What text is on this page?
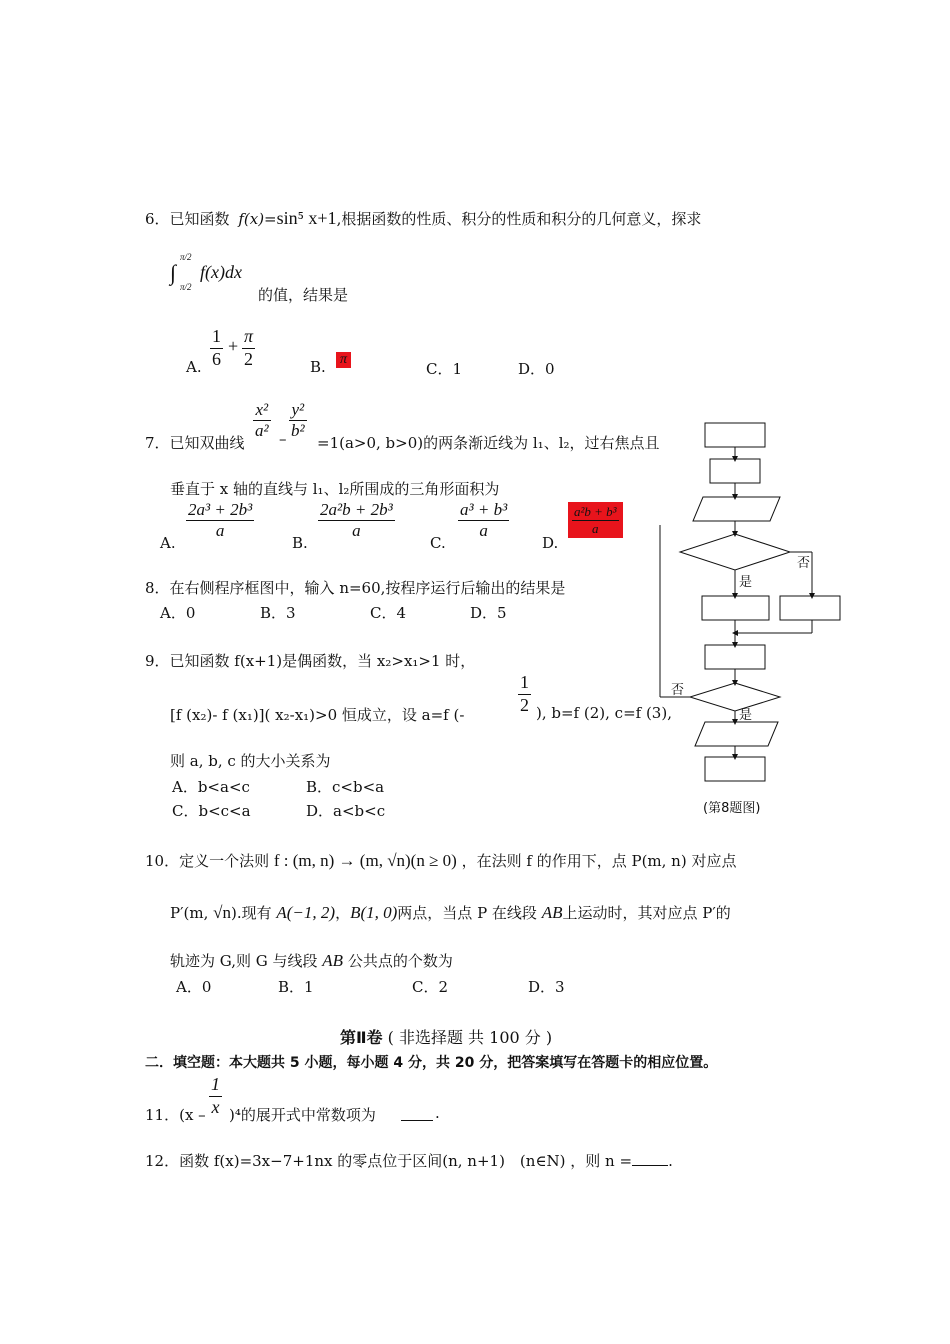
6．已知函数 f(x)=sin⁵ x+1,根据函数的性质、积分的性质和积分的几何意义，探求
∫
π/2
π/2
f(x)dx
的值，结果是
A. $\frac{1}{6} + \frac{\pi}{2}$	B. π
C．1	D．0
7．已知双曲线
$\frac{\text{x²}}{\text{a²}} - \frac{\text{y²}}{\text{b²}}$
=1(a>0, b>0)的两条渐近线为 l₁、l₂，过右焦点且
垂直于 x 轴的直线与 l₁、l₂所围成的三角形面积为
A.
$\frac{\text{2a³ + 2b³}}{a}$
B.
$\frac{\text{2a²b + 2b³}}{a}$
C.
$\frac{\text{a³ + b³}}{a}$
D.
$\frac{\text{a²b + b³}}{a}$
8．在右侧程序框图中，输入 n=60,按程序运行后输出的结果是
A．0	B．3	C．4	D．5
9．已知函数 f(x+1)是偶函数，当 x₂>x₁>1 时，
[f (x₂)- f (x₁)]( x₂-x₁)>0 恒成立，设 a=f (-	$\frac{1}{2}$ ), b=f (2), c=f (3),
则 a, b, c 的大小关系为
A．b<a<c	B．c<b<a
C．b<c<a	D．a<b<c
否
是
否
是
(第8题图)
10．定义一个法则 f : (m, n) → (m, √n)(n ≥ 0) ，在法则 f 的作用下，点 P(m, n) 对应点
P′(m, √n).现有 A(−1, 2)，B(1, 0)两点，当点 P 在线段 AB上运动时，其对应点 P′的
轨迹为 G,则 G 与线段 AB 公共点的个数为
A．0	B．1	C．2	D．3
第Ⅱ卷 ( 非选择题 共 100 分 )
二．填空题：本大题共 5 小题，每小题 4 分，共 20 分，把答案填写在答题卡的相应位置。
11．$(x - \frac{1}{x} )^4$的展开式中常数项为	.
12．函数 f(x)=3x−7+1nx 的零点位于区间(n, n+1)　(n∈N) ，则 n = .
